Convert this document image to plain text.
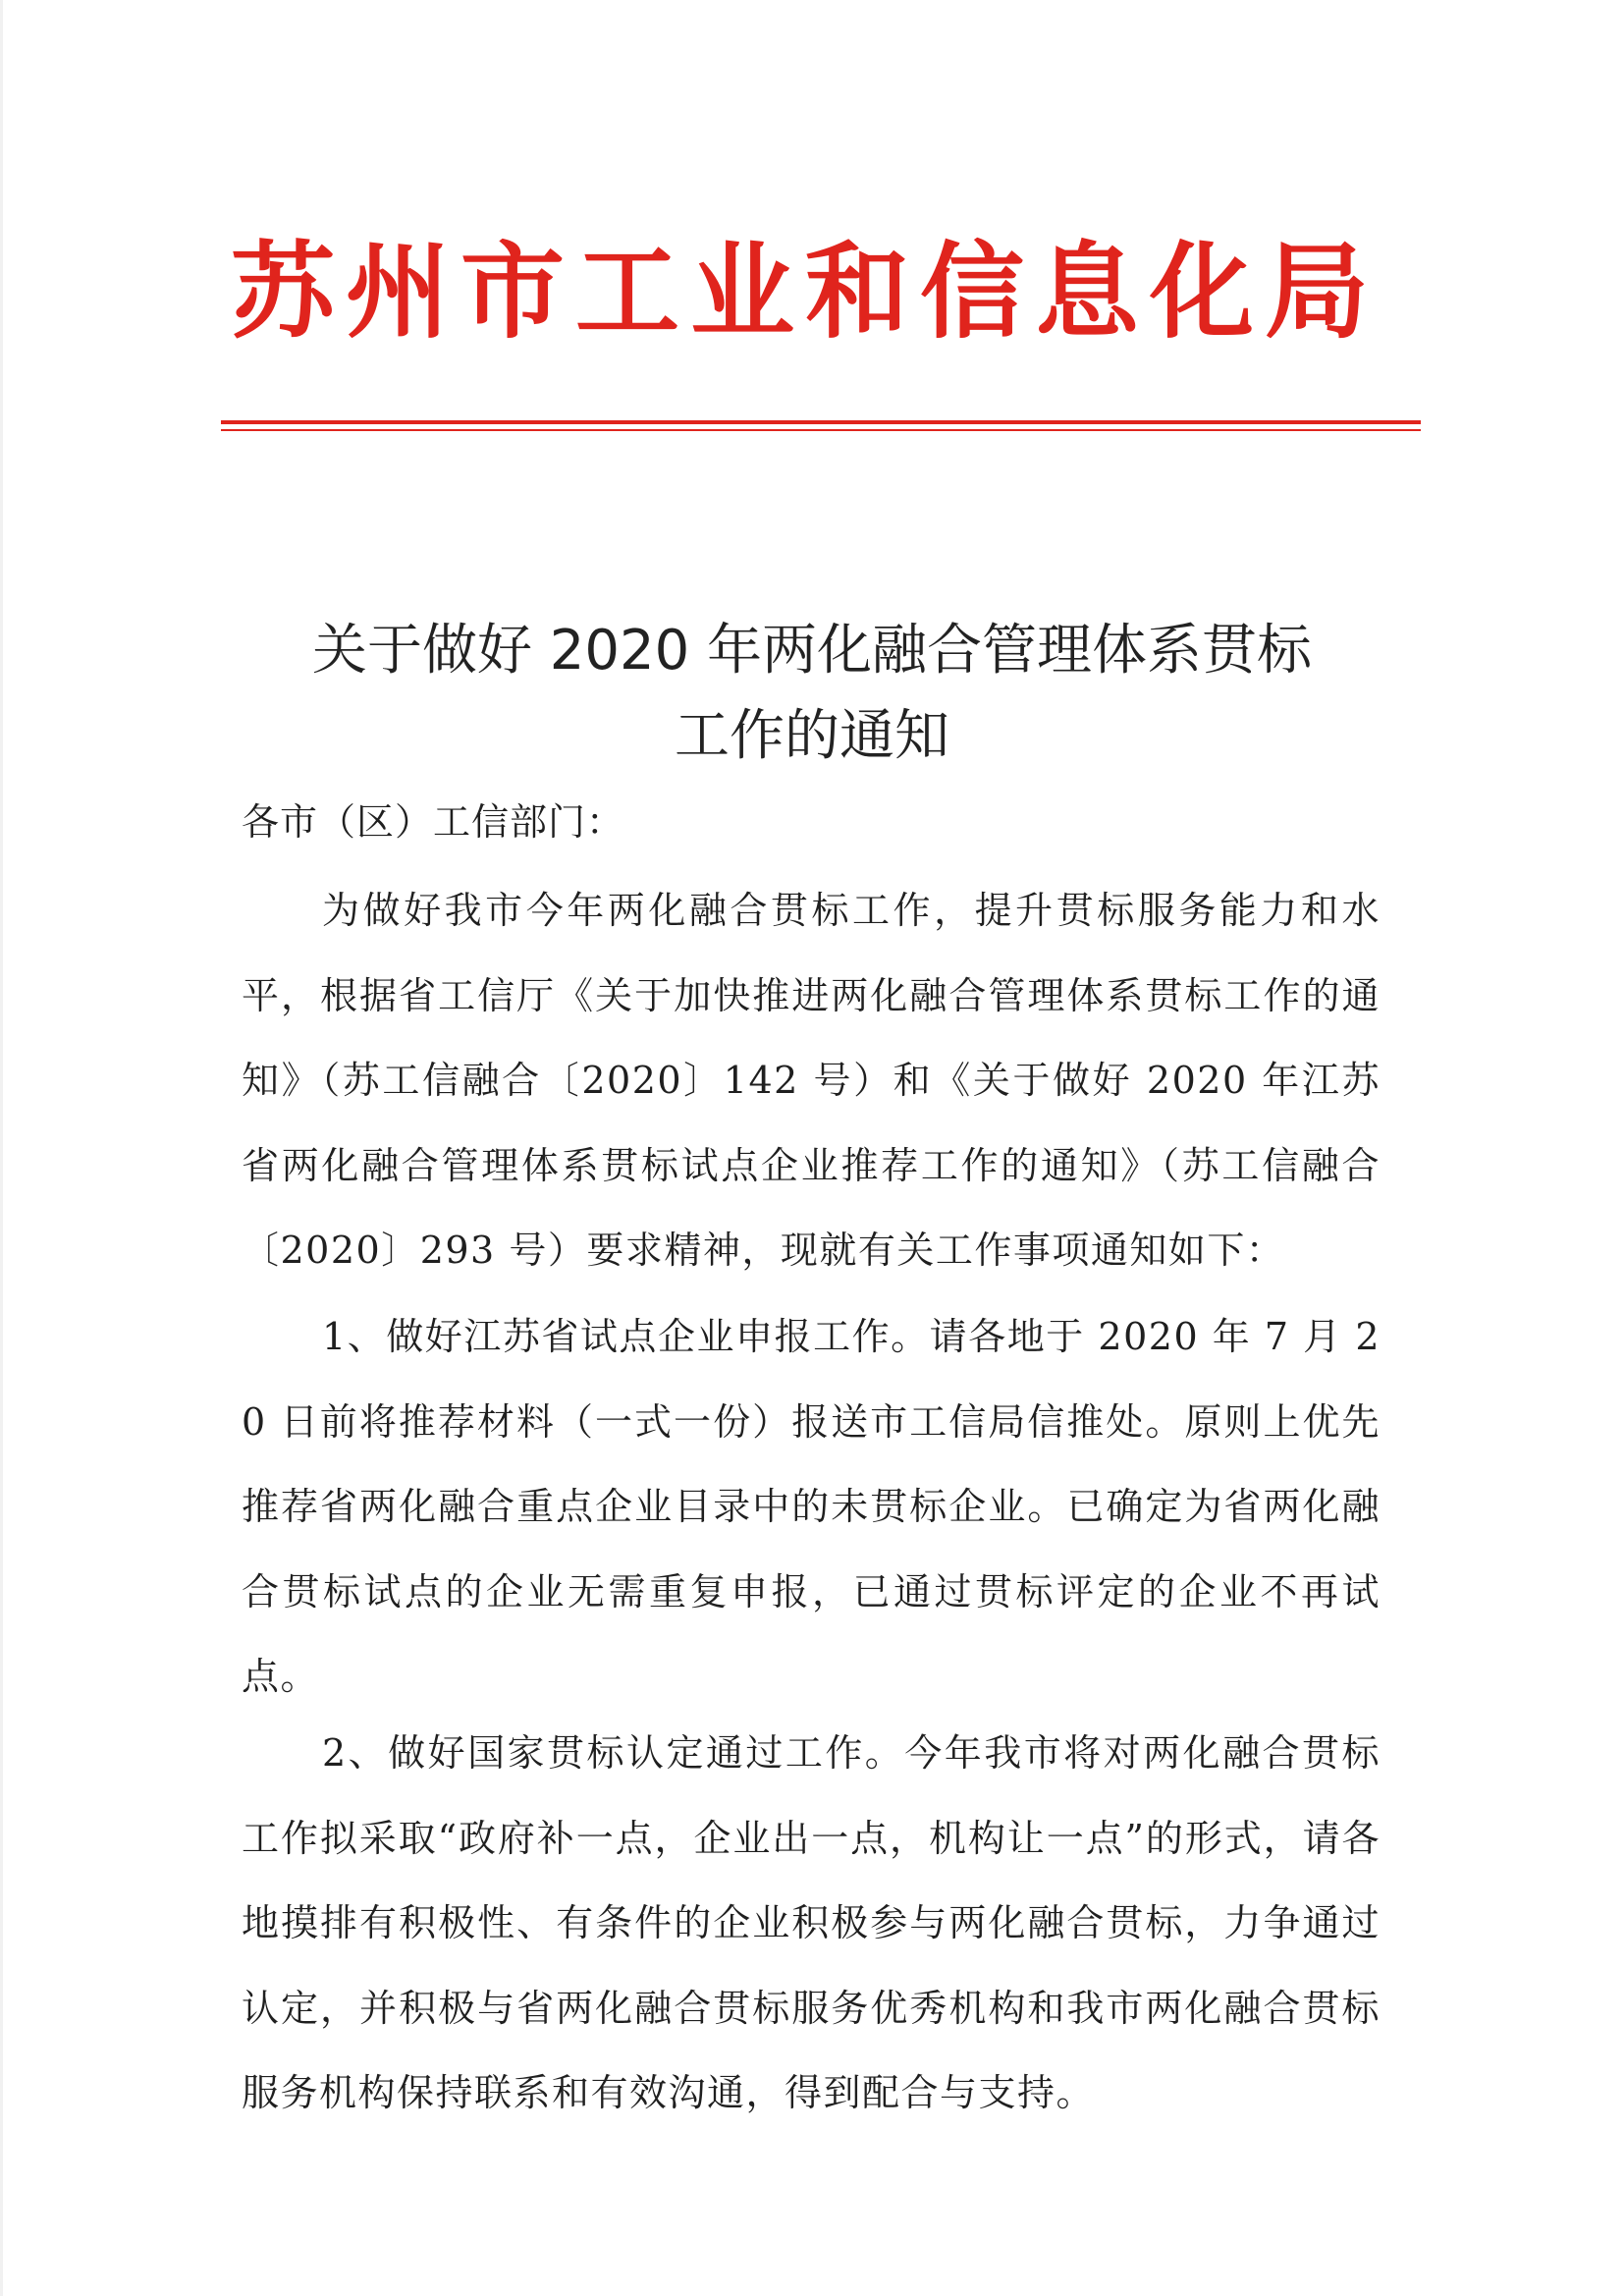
苏州市工业和信息化局
关于做好 2020 年两化融合管理体系贯标
工作的通知
各市（区）工信部门：
为做好我市今年两化融合贯标工作，提升贯标服务能力和水平，根据省工信厅《关于加快推进两化融合管理体系贯标工作的通知》（苏工信融合〔2020〕142 号）和《关于做好 2020 年江苏省两化融合管理体系贯标试点企业推荐工作的通知》（苏工信融合〔2020〕293 号）要求精神，现就有关工作事项通知如下：
1、做好江苏省试点企业申报工作。请各地于 2020 年 7 月 20 日前将推荐材料（一式一份）报送市工信局信推处。原则上优先推荐省两化融合重点企业目录中的未贯标企业。已确定为省两化融合贯标试点的企业无需重复申报，已通过贯标评定的企业不再试点。
2、做好国家贯标认定通过工作。今年我市将对两化融合贯标工作拟采取“政府补一点，企业出一点，机构让一点”的形式，请各地摸排有积极性、有条件的企业积极参与两化融合贯标，力争通过认定，并积极与省两化融合贯标服务优秀机构和我市两化融合贯标服务机构保持联系和有效沟通，得到配合与支持。
